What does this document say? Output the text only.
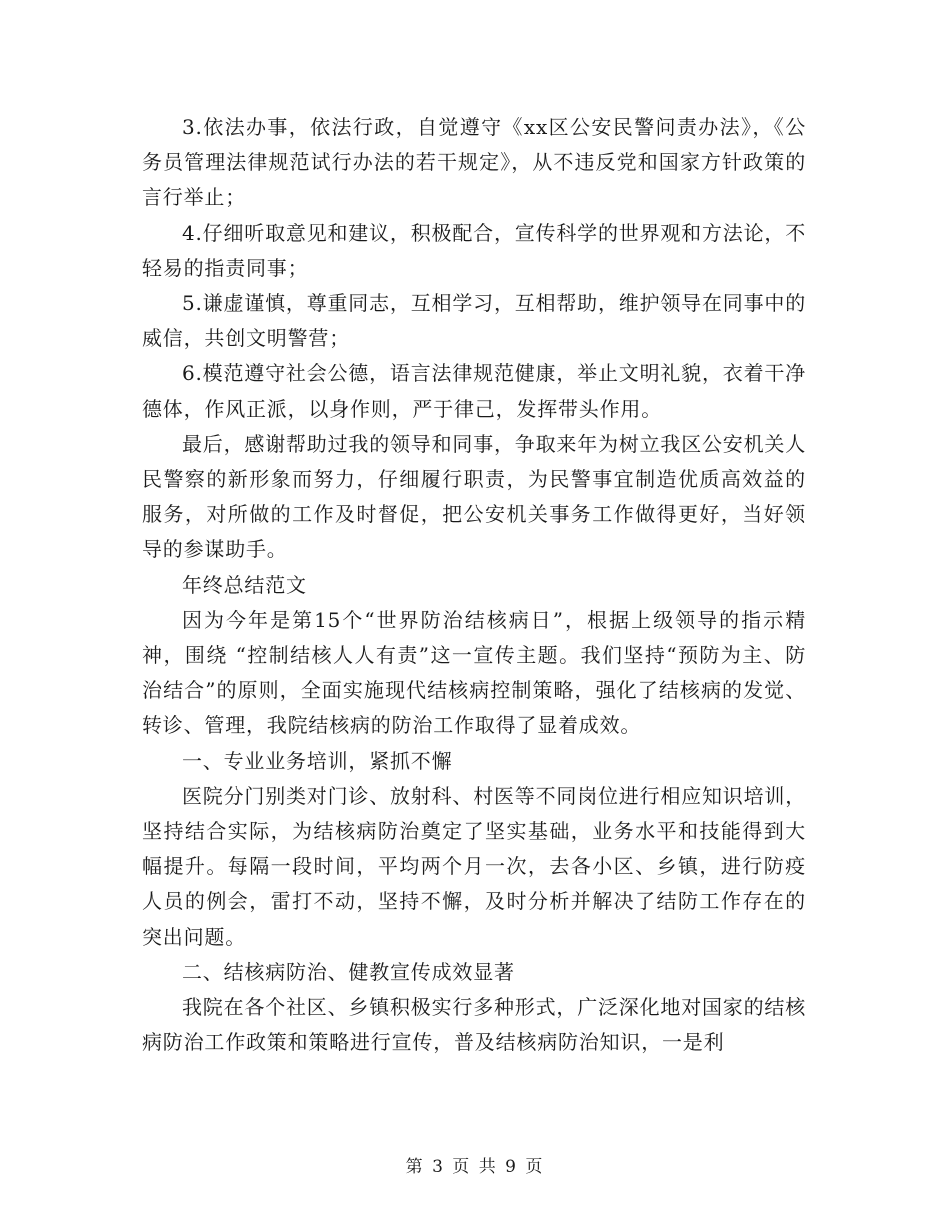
3.依法办事，依法行政，自觉遵守《xx区公安民警问责办法》，《公务员管理法律规范试行办法的若干规定》，从不违反党和国家方针政策的言行举止；

4.仔细听取意见和建议，积极配合，宣传科学的世界观和方法论，不轻易的指责同事；

5.谦虚谨慎，尊重同志，互相学习，互相帮助，维护领导在同事中的威信，共创文明警营；

6.模范遵守社会公德，语言法律规范健康，举止文明礼貌，衣着干净德体，作风正派，以身作则，严于律己，发挥带头作用。

最后，感谢帮助过我的领导和同事，争取来年为树立我区公安机关人民警察的新形象而努力，仔细履行职责，为民警事宜制造优质高效益的服务，对所做的工作及时督促，把公安机关事务工作做得更好，当好领导的参谋助手。

年终总结范文

因为今年是第15个“世界防治结核病日”，根据上级领导的指示精神，围绕 “控制结核人人有责”这一宣传主题。我们坚持“预防为主、防治结合”的原则，全面实施现代结核病控制策略，强化了结核病的发觉、转诊、管理，我院结核病的防治工作取得了显着成效。

一、专业业务培训，紧抓不懈

医院分门别类对门诊、放射科、村医等不同岗位进行相应知识培训，坚持结合实际，为结核病防治奠定了坚实基础，业务水平和技能得到大幅提升。每隔一段时间，平均两个月一次，去各小区、乡镇，进行防疫人员的例会，雷打不动，坚持不懈，及时分析并解决了结防工作存在的突出问题。

二、结核病防治、健教宣传成效显著

我院在各个社区、乡镇积极实行多种形式，广泛深化地对国家的结核病防治工作政策和策略进行宣传，普及结核病防治知识，一是利

第 3 页 共 9 页
